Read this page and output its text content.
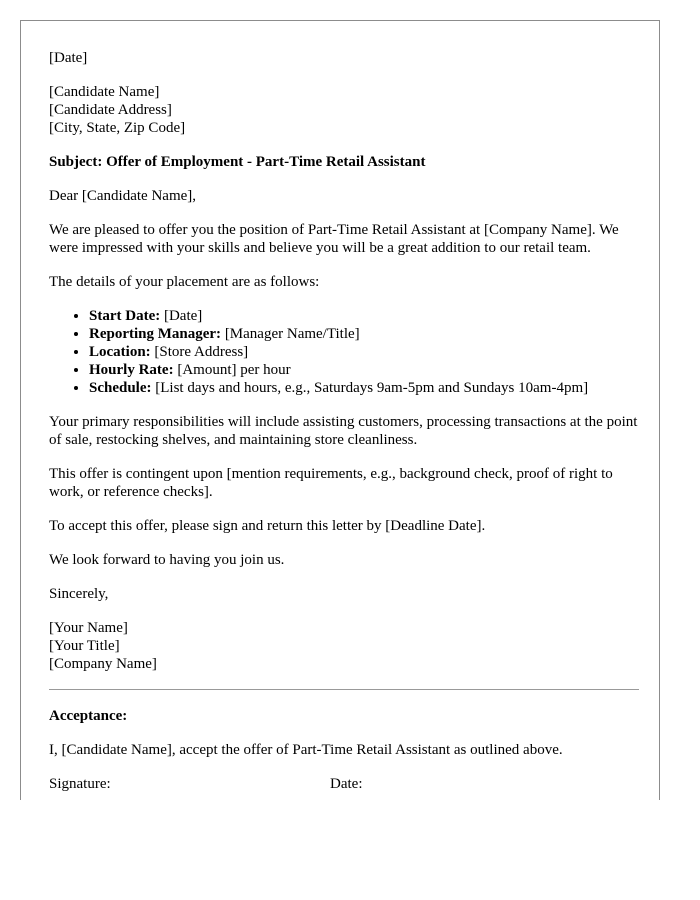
[Date]

[Candidate Name]
[Candidate Address]
[City, State, Zip Code]

Subject: Offer of Employment - Part-Time Retail Assistant

Dear [Candidate Name],

We are pleased to offer you the position of Part-Time Retail Assistant at [Company Name]. We were impressed with your skills and believe you will be a great addition to our retail team.

The details of your placement are as follows:

• Start Date: [Date]
• Reporting Manager: [Manager Name/Title]
• Location: [Store Address]
• Hourly Rate: [Amount] per hour
• Schedule: [List days and hours, e.g., Saturdays 9am-5pm and Sundays 10am-4pm]

Your primary responsibilities will include assisting customers, processing transactions at the point of sale, restocking shelves, and maintaining store cleanliness.

This offer is contingent upon [mention requirements, e.g., background check, proof of right to work, or reference checks].

To accept this offer, please sign and return this letter by [Deadline Date].

We look forward to having you join us.

Sincerely,

[Your Name]
[Your Title]
[Company Name]

Acceptance:

I, [Candidate Name], accept the offer of Part-Time Retail Assistant as outlined above.

Signature:	Date:
